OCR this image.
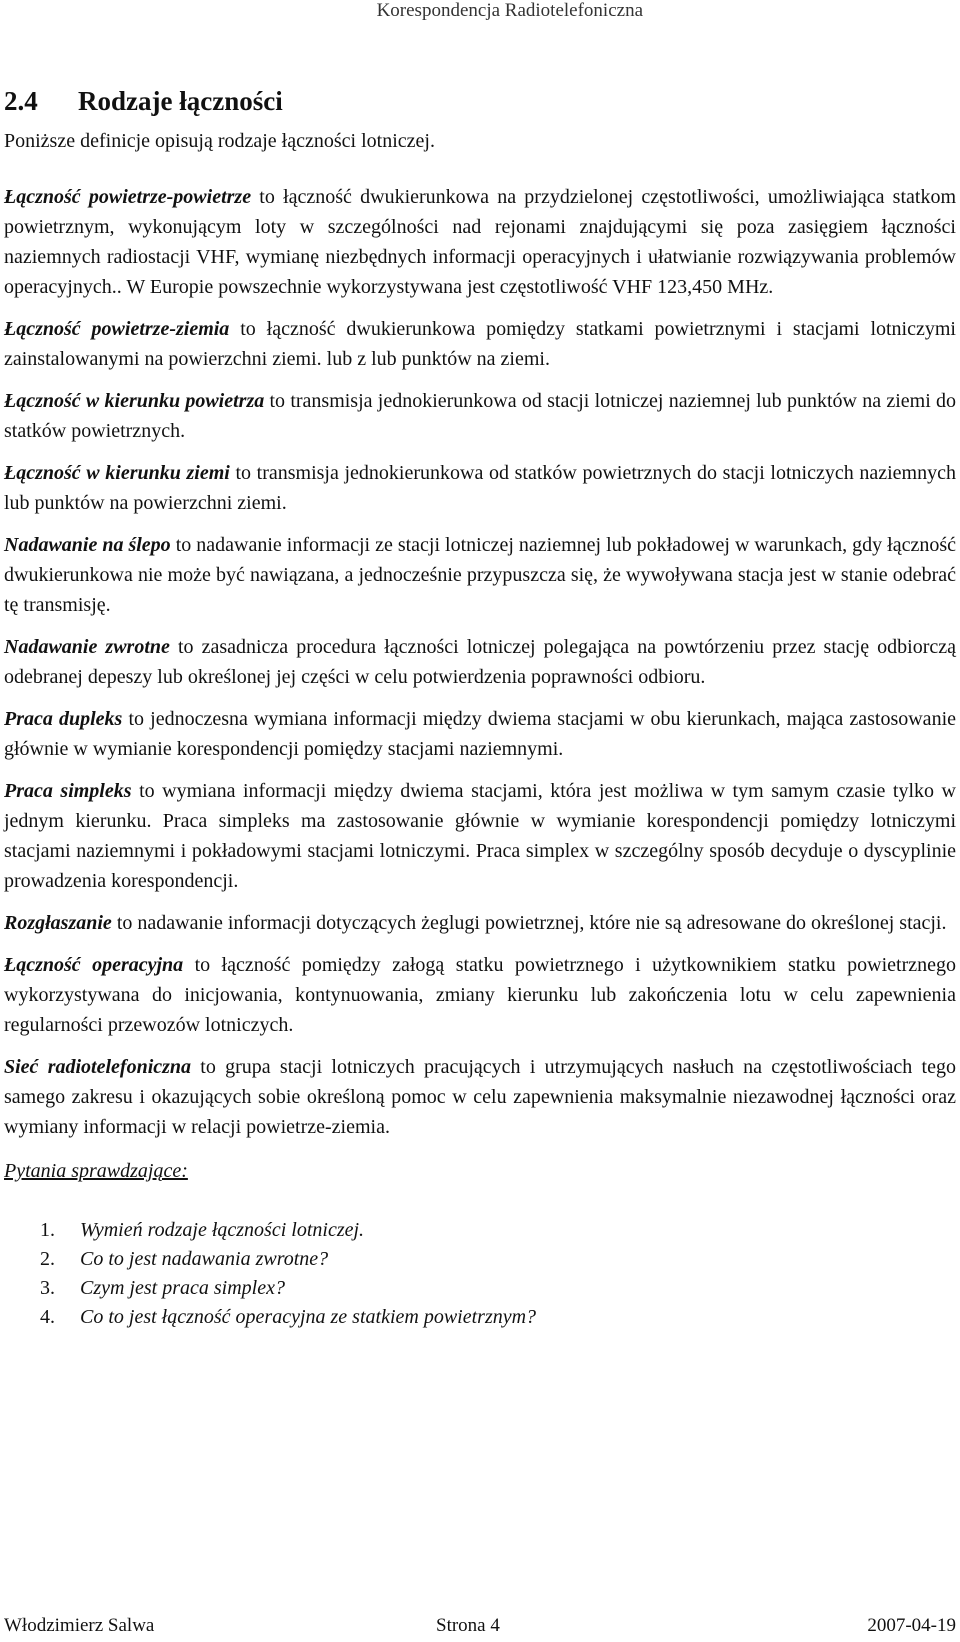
Korespondencja Radiotelefoniczna
2.4 Rodzaje łączności

Poniższe definicje opisują rodzaje łączności lotniczej.

Łączność powietrze-powietrze to łączność dwukierunkowa na przydzielonej częstotliwości, umożliwiająca statkom powietrznym, wykonującym loty w szczególności nad rejonami znajdującymi się poza zasięgiem łączności naziemnych radiostacji VHF, wymianę niezbędnych informacji operacyjnych i ułatwianie rozwiązywania problemów operacyjnych.. W Europie powszechnie wykorzystywana jest częstotliwość VHF 123,450 MHz.

Łączność powietrze-ziemia to łączność dwukierunkowa pomiędzy statkami powietrznymi i stacjami lotniczymi zainstalowanymi na powierzchni ziemi. lub z lub punktów na ziemi.

Łączność w kierunku powietrza to transmisja jednokierunkowa od stacji lotniczej naziemnej lub punktów na ziemi do statków powietrznych.

Łączność w kierunku ziemi to transmisja jednokierunkowa od statków powietrznych do stacji lotniczych naziemnych lub punktów na powierzchni ziemi.

Nadawanie na ślepo to nadawanie informacji ze stacji lotniczej naziemnej lub pokładowej w warunkach, gdy łączność dwukierunkowa nie może być nawiązana, a jednocześnie przypuszcza się, że wywoływana stacja jest w stanie odebrać tę transmisję.

Nadawanie zwrotne to zasadnicza procedura łączności lotniczej polegająca na powtórzeniu przez stację odbiorczą odebranej depeszy lub określonej jej części w celu potwierdzenia poprawności odbioru.

Praca dupleks to jednoczesna wymiana informacji między dwiema stacjami w obu kierunkach, mająca zastosowanie głównie w wymianie korespondencji pomiędzy stacjami naziemnymi.

Praca simpleks to wymiana informacji między dwiema stacjami, która jest możliwa w tym samym czasie tylko w jednym kierunku. Praca simpleks ma zastosowanie głównie w wymianie korespondencji pomiędzy lotniczymi stacjami naziemnymi i pokładowymi stacjami lotniczymi. Praca simplex w szczególny sposób decyduje o dyscyplinie prowadzenia korespondencji.

Rozgłaszanie to nadawanie informacji dotyczących żeglugi powietrznej, które nie są adresowane do określonej stacji.

Łączność operacyjna to łączność pomiędzy załogą statku powietrznego i użytkownikiem statku powietrznego wykorzystywana do inicjowania, kontynuowania, zmiany kierunku lub zakończenia lotu w celu zapewnienia regularności przewozów lotniczych.

Sieć radiotelefoniczna to grupa stacji lotniczych pracujących i utrzymujących nasłuch na częstotliwościach tego samego zakresu i okazujących sobie określoną pomoc w celu zapewnienia maksymalnie niezawodnej łączności oraz wymiany informacji w relacji powietrze-ziemia.

Pytania sprawdzające:

1.	Wymień rodzaje łączności lotniczej.
2.	Co to jest nadawania zwrotne?
3.	Czym jest praca simplex?
4.	Co to jest łączność operacyjna ze statkiem powietrznym?
Włodzimierz Salwa	Strona 4	2007-04-19
